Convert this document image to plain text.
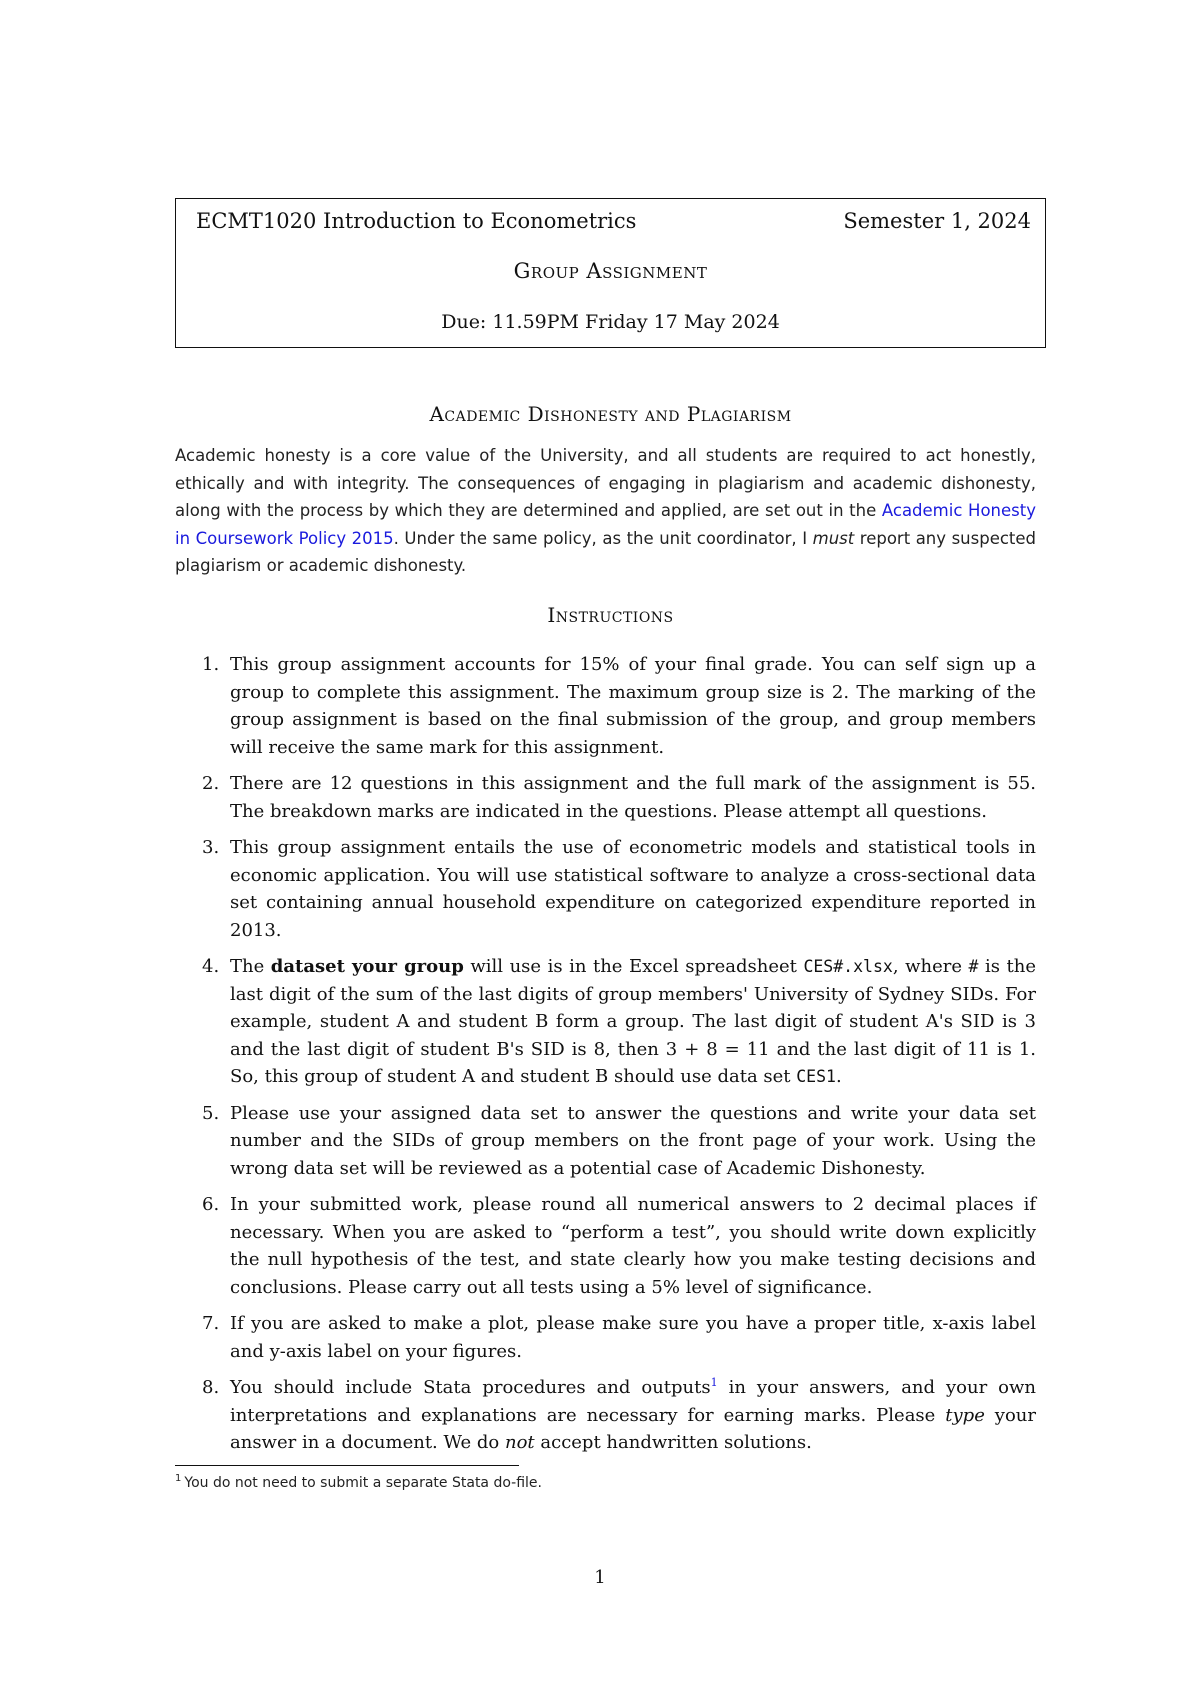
ECMT1020 Introduction to Econometrics	Semester 1, 2024
Group Assignment
Due: 11.59PM Friday 17 May 2024
Academic Dishonesty and Plagiarism
Academic honesty is a core value of the University, and all students are required to act honestly, ethically and with integrity. The consequences of engaging in plagiarism and academic dishonesty, along with the process by which they are determined and applied, are set out in the Academic Honesty in Coursework Policy 2015. Under the same policy, as the unit coordinator, I must report any suspected plagiarism or academic dishonesty.
Instructions
1. This group assignment accounts for 15% of your final grade. You can self sign up a group to complete this assignment. The maximum group size is 2. The marking of the group assignment is based on the final submission of the group, and group members will receive the same mark for this assignment.
2. There are 12 questions in this assignment and the full mark of the assignment is 55. The breakdown marks are indicated in the questions. Please attempt all questions.
3. This group assignment entails the use of econometric models and statistical tools in economic application. You will use statistical software to analyze a cross-sectional data set containing annual household expenditure on categorized expenditure reported in 2013.
4. The dataset your group will use is in the Excel spreadsheet CES#.xlsx, where # is the last digit of the sum of the last digits of group members' University of Sydney SIDs. For example, student A and student B form a group. The last digit of student A's SID is 3 and the last digit of student B's SID is 8, then 3 + 8 = 11 and the last digit of 11 is 1. So, this group of student A and student B should use data set CES1.
5. Please use your assigned data set to answer the questions and write your data set number and the SIDs of group members on the front page of your work. Using the wrong data set will be reviewed as a potential case of Academic Dishonesty.
6. In your submitted work, please round all numerical answers to 2 decimal places if necessary. When you are asked to “perform a test”, you should write down explicitly the null hypothesis of the test, and state clearly how you make testing decisions and conclusions. Please carry out all tests using a 5% level of significance.
7. If you are asked to make a plot, please make sure you have a proper title, x-axis label and y-axis label on your figures.
8. You should include Stata procedures and outputs$^1$ in your answers, and your own interpretations and explanations are necessary for earning marks. Please type your answer in a document. We do not accept handwritten solutions.
$^1$ You do not need to submit a separate Stata do-file.
1
